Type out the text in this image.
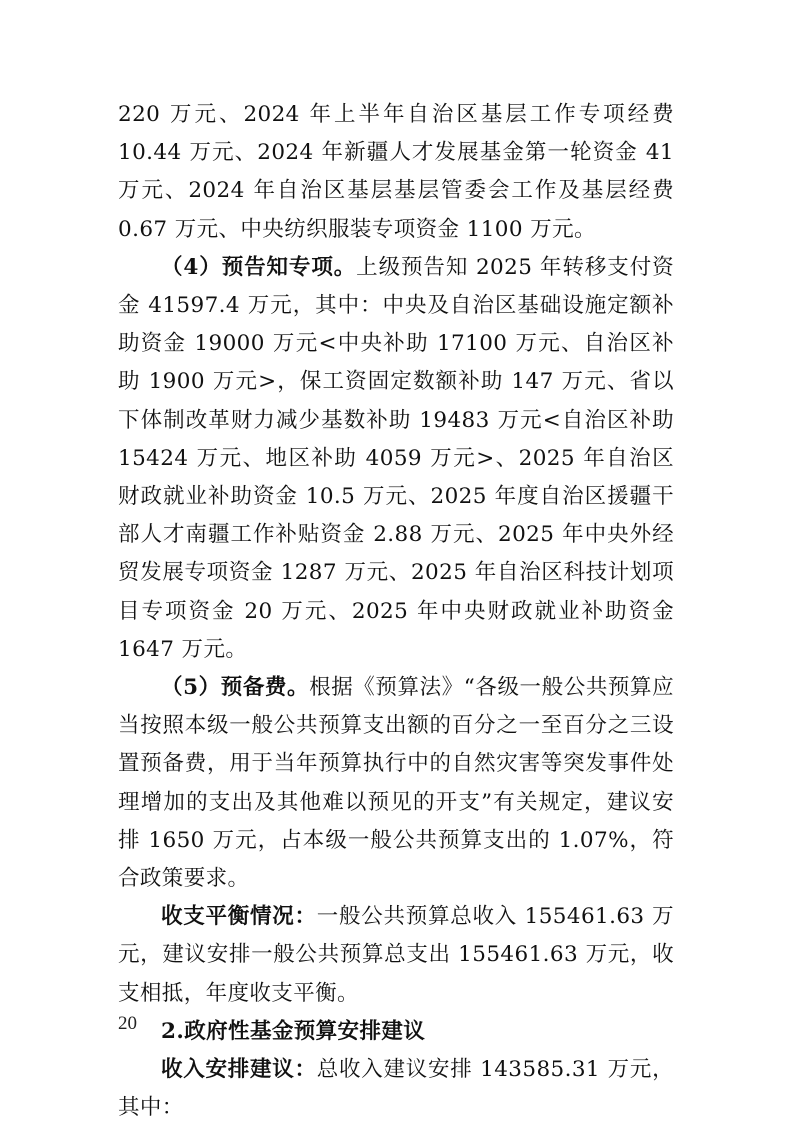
220 万元、2024 年上半年自治区基层工作专项经费 10.44 万元、2024 年新疆人才发展基金第一轮资金 41 万元、2024 年自治区基层基层管委会工作及基层经费 0.67 万元、中央纺织服装专项资金 1100 万元。

（4）预告知专项。上级预告知 2025 年转移支付资金 41597.4 万元，其中：中央及自治区基础设施定额补助资金 19000 万元<中央补助 17100 万元、自治区补助 1900 万元>，保工资固定数额补助 147 万元、省以下体制改革财力减少基数补助 19483 万元<自治区补助 15424 万元、地区补助 4059 万元>、2025 年自治区财政就业补助资金 10.5 万元、2025 年度自治区援疆干部人才南疆工作补贴资金 2.88 万元、2025 年中央外经贸发展专项资金 1287 万元、2025 年自治区科技计划项目专项资金 20 万元、2025 年中央财政就业补助资金 1647 万元。

（5）预备费。根据《预算法》“各级一般公共预算应当按照本级一般公共预算支出额的百分之一至百分之三设置预备费，用于当年预算执行中的自然灾害等突发事件处理增加的支出及其他难以预见的开支”有关规定，建议安排 1650 万元，占本级一般公共预算支出的 1.07%，符合政策要求。

收支平衡情况：一般公共预算总收入 155461.63 万元，建议安排一般公共预算总支出 155461.63 万元，收支相抵，年度收支平衡。

2.政府性基金预算安排建议

收入安排建议：总收入建议安排 143585.31 万元，其中：

20
